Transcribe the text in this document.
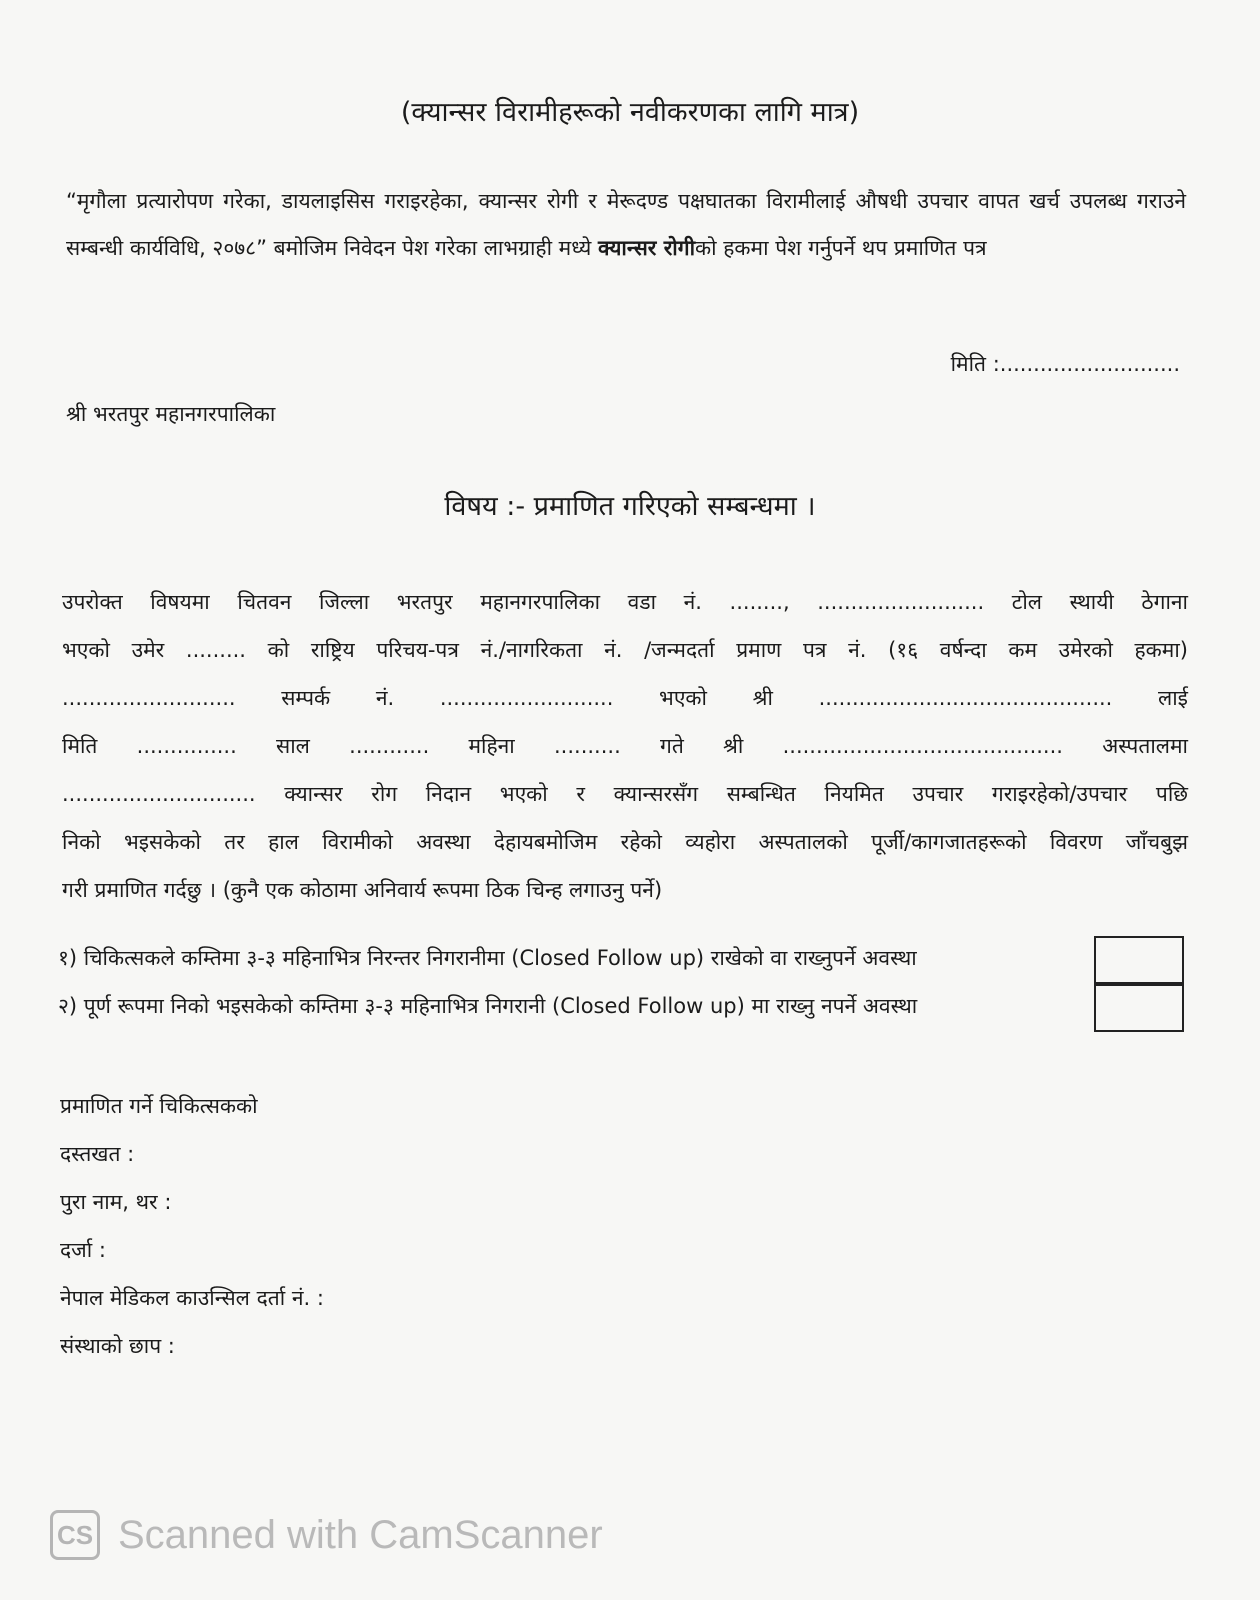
(क्यान्सर विरामीहरूको नवीकरणका लागि मात्र)
“मृगौला प्रत्यारोपण गरेका, डायलाइसिस गराइरहेका, क्यान्सर रोगी र मेरूदण्ड पक्षघातका विरामीलाई औषधी उपचार वापत खर्च उपलब्ध गराउने सम्बन्धी कार्यविधि, २०७८” बमोजिम निवेदन पेश गरेका लाभग्राही मध्ये क्यान्सर रोगीको हकमा पेश गर्नुपर्ने थप प्रमाणित पत्र
मिति :...........................
श्री भरतपुर महानगरपालिका
विषय :- प्रमाणित गरिएको सम्बन्धमा ।
उपरोक्त विषयमा चितवन जिल्ला भरतपुर महानगरपालिका वडा नं. ........, ......................... टोल स्थायी ठेगाना
भएको उमेर ......... को राष्ट्रिय परिचय-पत्र नं./नागरिकता नं. /जन्मदर्ता प्रमाण पत्र नं. (१६ वर्षन्दा कम उमेरको हकमा)
.......................... सम्पर्क नं. .......................... भएको श्री ............................................ लाई
मिति ............... साल ............ महिना .......... गते श्री .......................................... अस्पतालमा
............................. क्यान्सर रोग निदान भएको र क्यान्सरसँग सम्बन्धित नियमित उपचार गराइरहेको/उपचार पछि
निको भइसकेको तर हाल विरामीको अवस्था देहायबमोजिम रहेको व्यहोरा अस्पतालको पूर्जी/कागजातहरूको विवरण जाँचबुझ
गरी प्रमाणित गर्दछु । (कुनै एक कोठामा अनिवार्य रूपमा ठिक चिन्ह लगाउनु पर्ने)
१) चिकित्सकले कम्तिमा ३-३ महिनाभित्र निरन्तर निगरानीमा (Closed Follow up) राखेको वा राख्नुपर्ने अवस्था
२) पूर्ण रूपमा निको भइसकेको कम्तिमा ३-३ महिनाभित्र निगरानी (Closed Follow up) मा राख्नु नपर्ने अवस्था
प्रमाणित गर्ने चिकित्सकको
दस्तखत :
पुरा नाम, थर :
दर्जा :
नेपाल मेडिकल काउन्सिल दर्ता नं. :
संस्थाको छाप :
CS Scanned with CamScanner
